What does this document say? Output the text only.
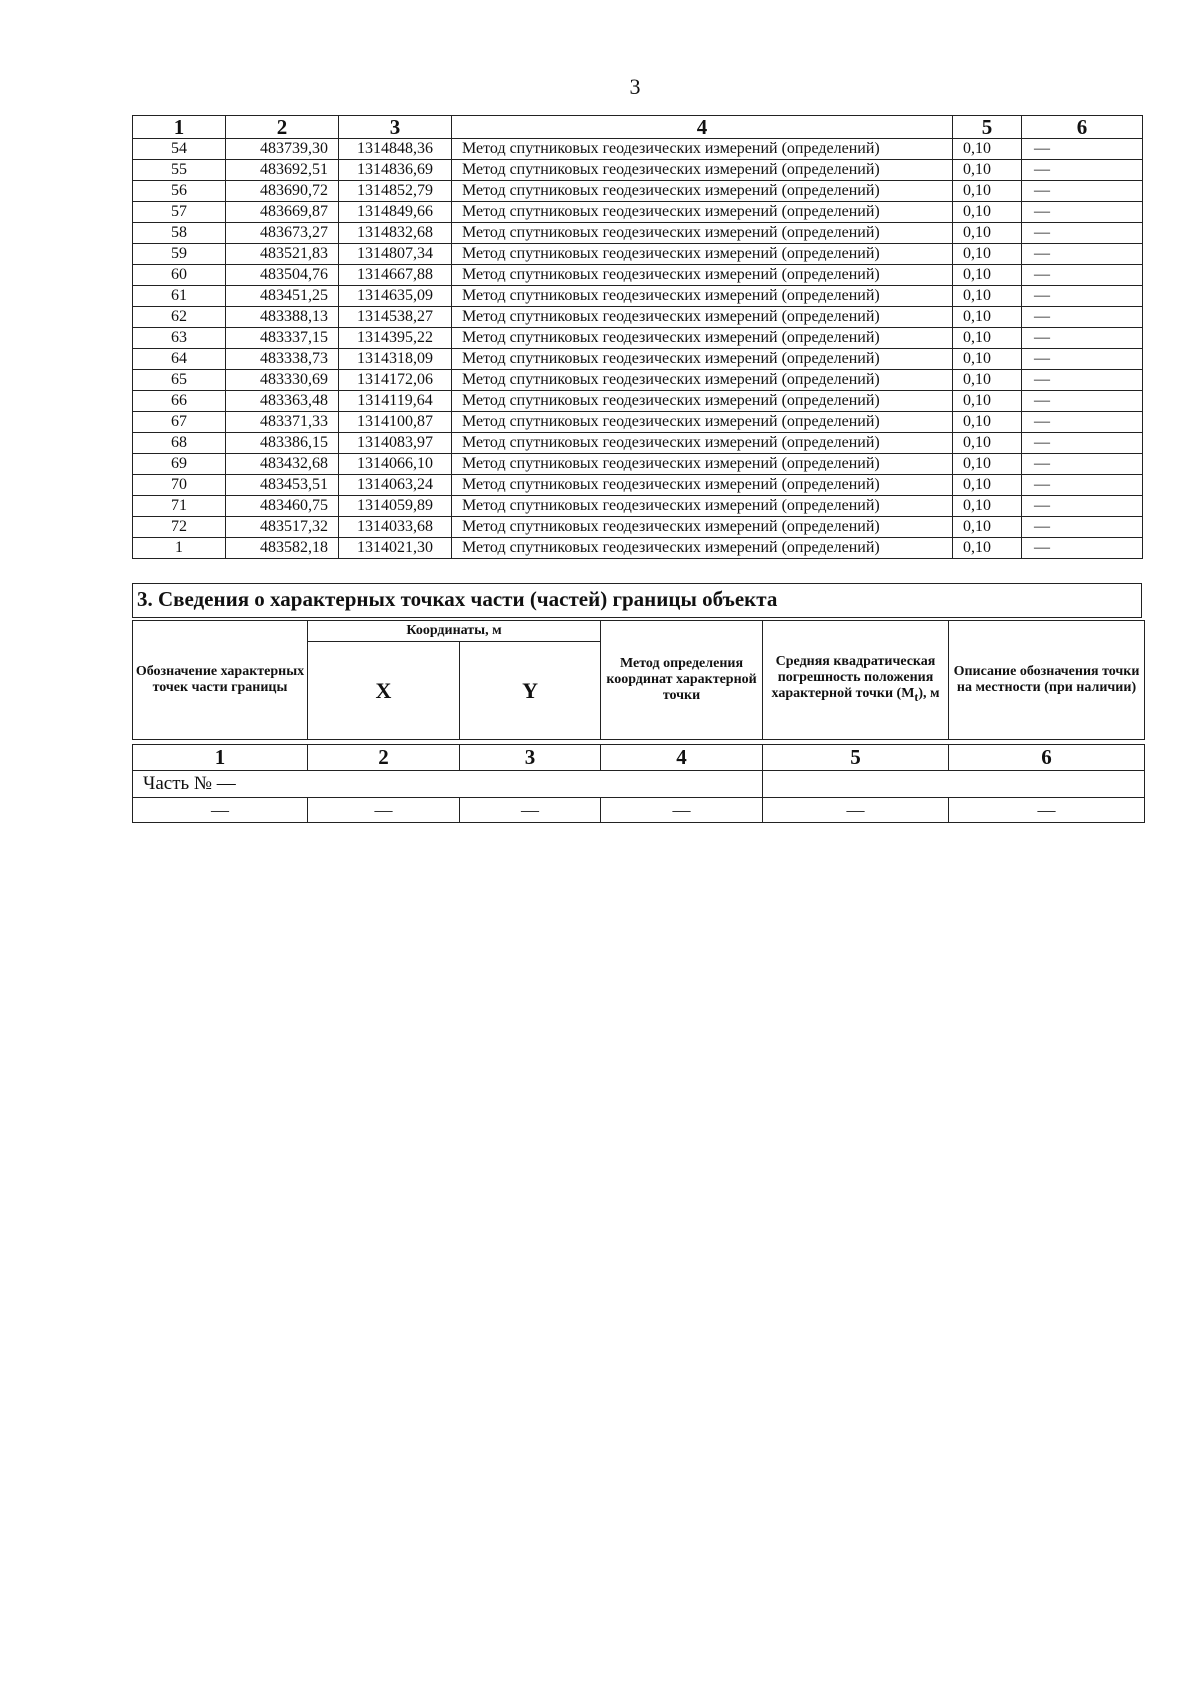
3
1	2	3	4	5	6
54	483739,30	1314848,36	Метод спутниковых геодезических измерений (определений)	0,10	—
55	483692,51	1314836,69	Метод спутниковых геодезических измерений (определений)	0,10	—
56	483690,72	1314852,79	Метод спутниковых геодезических измерений (определений)	0,10	—
57	483669,87	1314849,66	Метод спутниковых геодезических измерений (определений)	0,10	—
58	483673,27	1314832,68	Метод спутниковых геодезических измерений (определений)	0,10	—
59	483521,83	1314807,34	Метод спутниковых геодезических измерений (определений)	0,10	—
60	483504,76	1314667,88	Метод спутниковых геодезических измерений (определений)	0,10	—
61	483451,25	1314635,09	Метод спутниковых геодезических измерений (определений)	0,10	—
62	483388,13	1314538,27	Метод спутниковых геодезических измерений (определений)	0,10	—
63	483337,15	1314395,22	Метод спутниковых геодезических измерений (определений)	0,10	—
64	483338,73	1314318,09	Метод спутниковых геодезических измерений (определений)	0,10	—
65	483330,69	1314172,06	Метод спутниковых геодезических измерений (определений)	0,10	—
66	483363,48	1314119,64	Метод спутниковых геодезических измерений (определений)	0,10	—
67	483371,33	1314100,87	Метод спутниковых геодезических измерений (определений)	0,10	—
68	483386,15	1314083,97	Метод спутниковых геодезических измерений (определений)	0,10	—
69	483432,68	1314066,10	Метод спутниковых геодезических измерений (определений)	0,10	—
70	483453,51	1314063,24	Метод спутниковых геодезических измерений (определений)	0,10	—
71	483460,75	1314059,89	Метод спутниковых геодезических измерений (определений)	0,10	—
72	483517,32	1314033,68	Метод спутниковых геодезических измерений (определений)	0,10	—
1	483582,18	1314021,30	Метод спутниковых геодезических измерений (определений)	0,10	—
3. Сведения о характерных точках части (частей) границы объекта
Обозначение характерных точек части границы	Координаты, м		Метод определения координат характерной точки	Средняя квадратическая погрешность положения характерной точки $(M_t)$, м	Описание обозначения точки на местности (при наличии)
	X	Y			

1	2	3	4	5	6
Часть № —					
—	—	—	—	—	—
